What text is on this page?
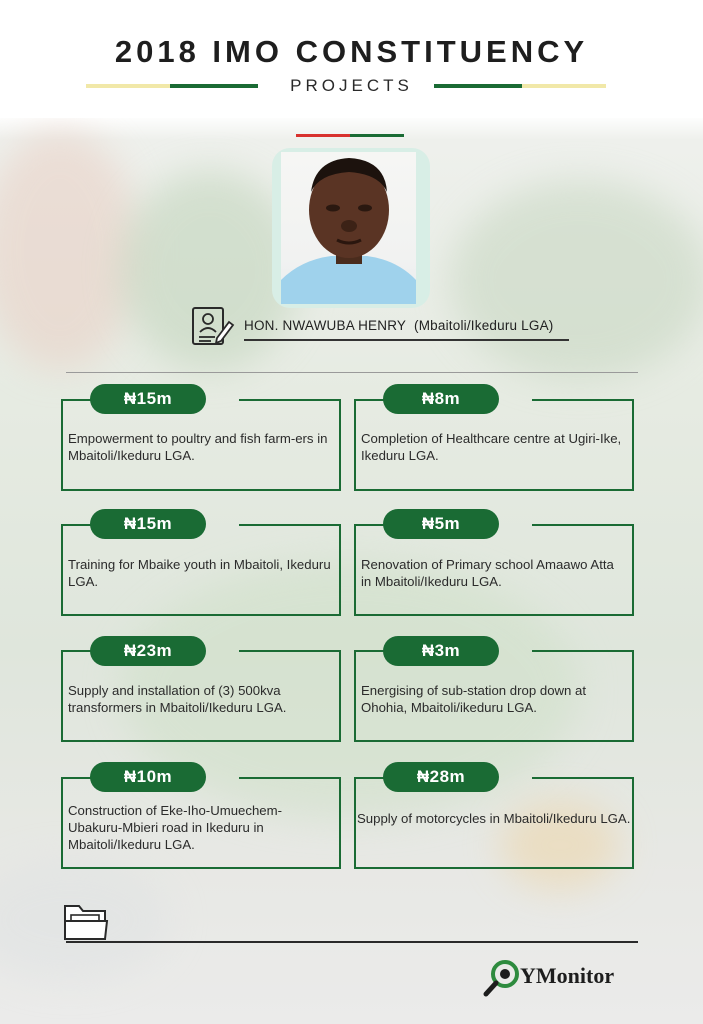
2018 IMO CONSTITUENCY
PROJECTS
HON. NWAWUBA HENRY (Mbaitoli/Ikeduru LGA)
₦15m
Empowerment to poultry and fish farm-ers in Mbaitoli/Ikeduru LGA.
₦8m
Completion of Healthcare centre at Ugiri-Ike, Ikeduru LGA.
₦15m
Training for Mbaike youth in Mbaitoli, Ikeduru LGA.
₦5m
Renovation of Primary school Amaawo Atta in Mbaitoli/Ikeduru LGA.
₦23m
Supply and installation of (3) 500kva transformers in Mbaitoli/Ikeduru LGA.
₦3m
Energising of sub-station drop down at Ohohia, Mbaitoli/ikeduru LGA.
₦10m
Construction of Eke-Iho-Umuechem-Ubakuru-Mbieri road in Ikeduru in Mbaitoli/Ikeduru LGA.
₦28m
Supply of motorcycles in Mbaitoli/Ikeduru LGA.
YMonitor
